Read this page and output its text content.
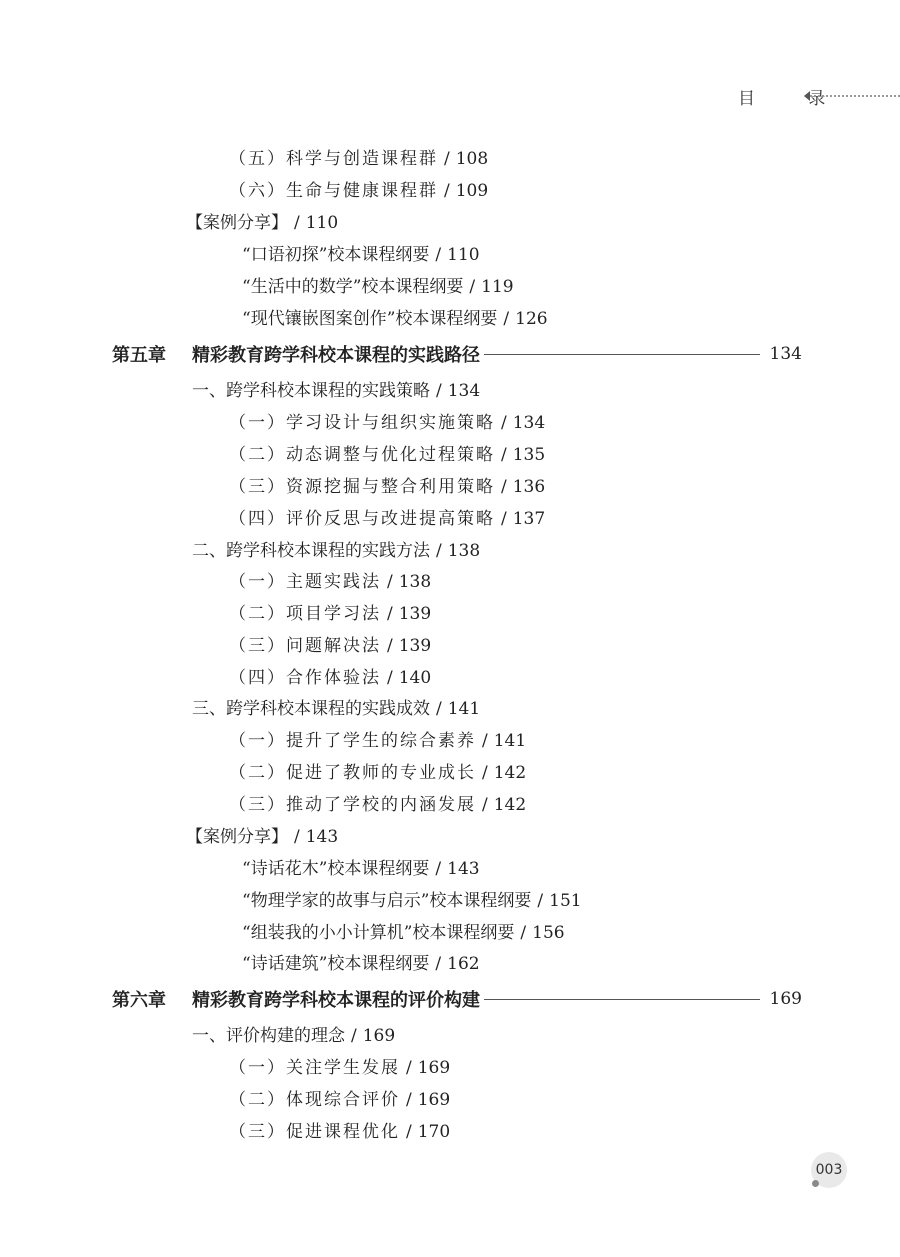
目 录
（五）科学与创造课程群 / 108
（六）生命与健康课程群 / 109
【案例分享】 / 110
“口语初探”校本课程纲要 / 110
“生活中的数学”校本课程纲要 / 119
“现代镶嵌图案创作”校本课程纲要 / 126
第五章	精彩教育跨学科校本课程的实践路径	134
一、跨学科校本课程的实践策略 / 134
（一）学习设计与组织实施策略 / 134
（二）动态调整与优化过程策略 / 135
（三）资源挖掘与整合利用策略 / 136
（四）评价反思与改进提高策略 / 137
二、跨学科校本课程的实践方法 / 138
（一）主题实践法 / 138
（二）项目学习法 / 139
（三）问题解决法 / 139
（四）合作体验法 / 140
三、跨学科校本课程的实践成效 / 141
（一）提升了学生的综合素养 / 141
（二）促进了教师的专业成长 / 142
（三）推动了学校的内涵发展 / 142
【案例分享】 / 143
“诗话花木”校本课程纲要 / 143
“物理学家的故事与启示”校本课程纲要 / 151
“组装我的小小计算机”校本课程纲要 / 156
“诗话建筑”校本课程纲要 / 162
第六章	精彩教育跨学科校本课程的评价构建	169
一、评价构建的理念 / 169
（一）关注学生发展 / 169
（二）体现综合评价 / 169
（三）促进课程优化 / 170
003
